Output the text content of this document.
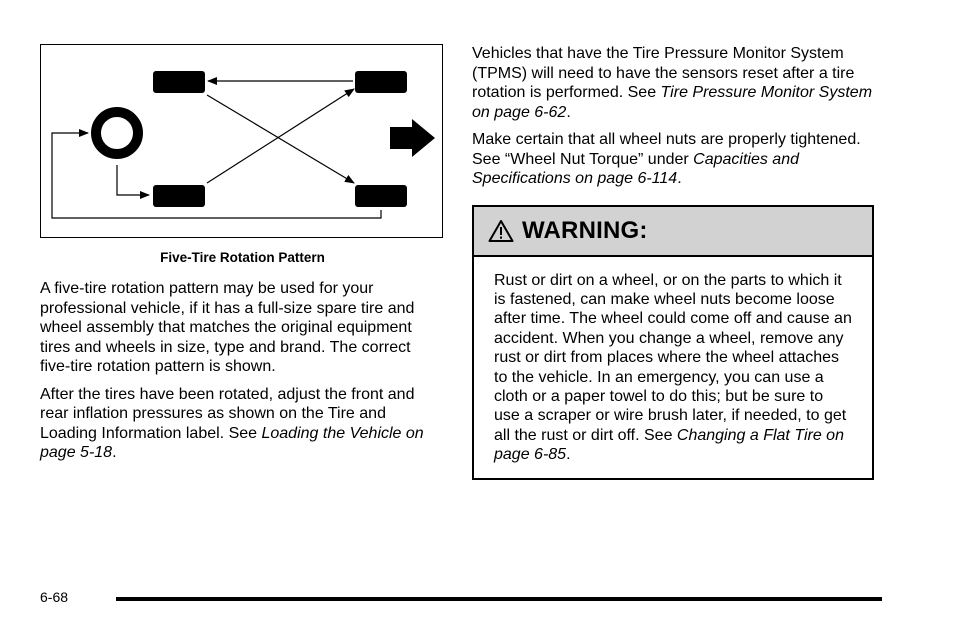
Five-Tire Rotation Pattern

A five-tire rotation pattern may be used for your professional vehicle, if it has a full-size spare tire and wheel assembly that matches the original equipment tires and wheels in size, type and brand. The correct five-tire rotation pattern is shown.

After the tires have been rotated, adjust the front and rear inflation pressures as shown on the Tire and Loading Information label. See Loading the Vehicle on page 5-18.

Vehicles that have the Tire Pressure Monitor System (TPMS) will need to have the sensors reset after a tire rotation is performed. See Tire Pressure Monitor System on page 6-62.

Make certain that all wheel nuts are properly tightened. See “Wheel Nut Torque” under Capacities and Specifications on page 6-114.

WARNING:

Rust or dirt on a wheel, or on the parts to which it is fastened, can make wheel nuts become loose after time. The wheel could come off and cause an accident. When you change a wheel, remove any rust or dirt from places where the wheel attaches to the vehicle. In an emergency, you can use a cloth or a paper towel to do this; but be sure to use a scraper or wire brush later, if needed, to get all the rust or dirt off. See Changing a Flat Tire on page 6-85.

6-68
